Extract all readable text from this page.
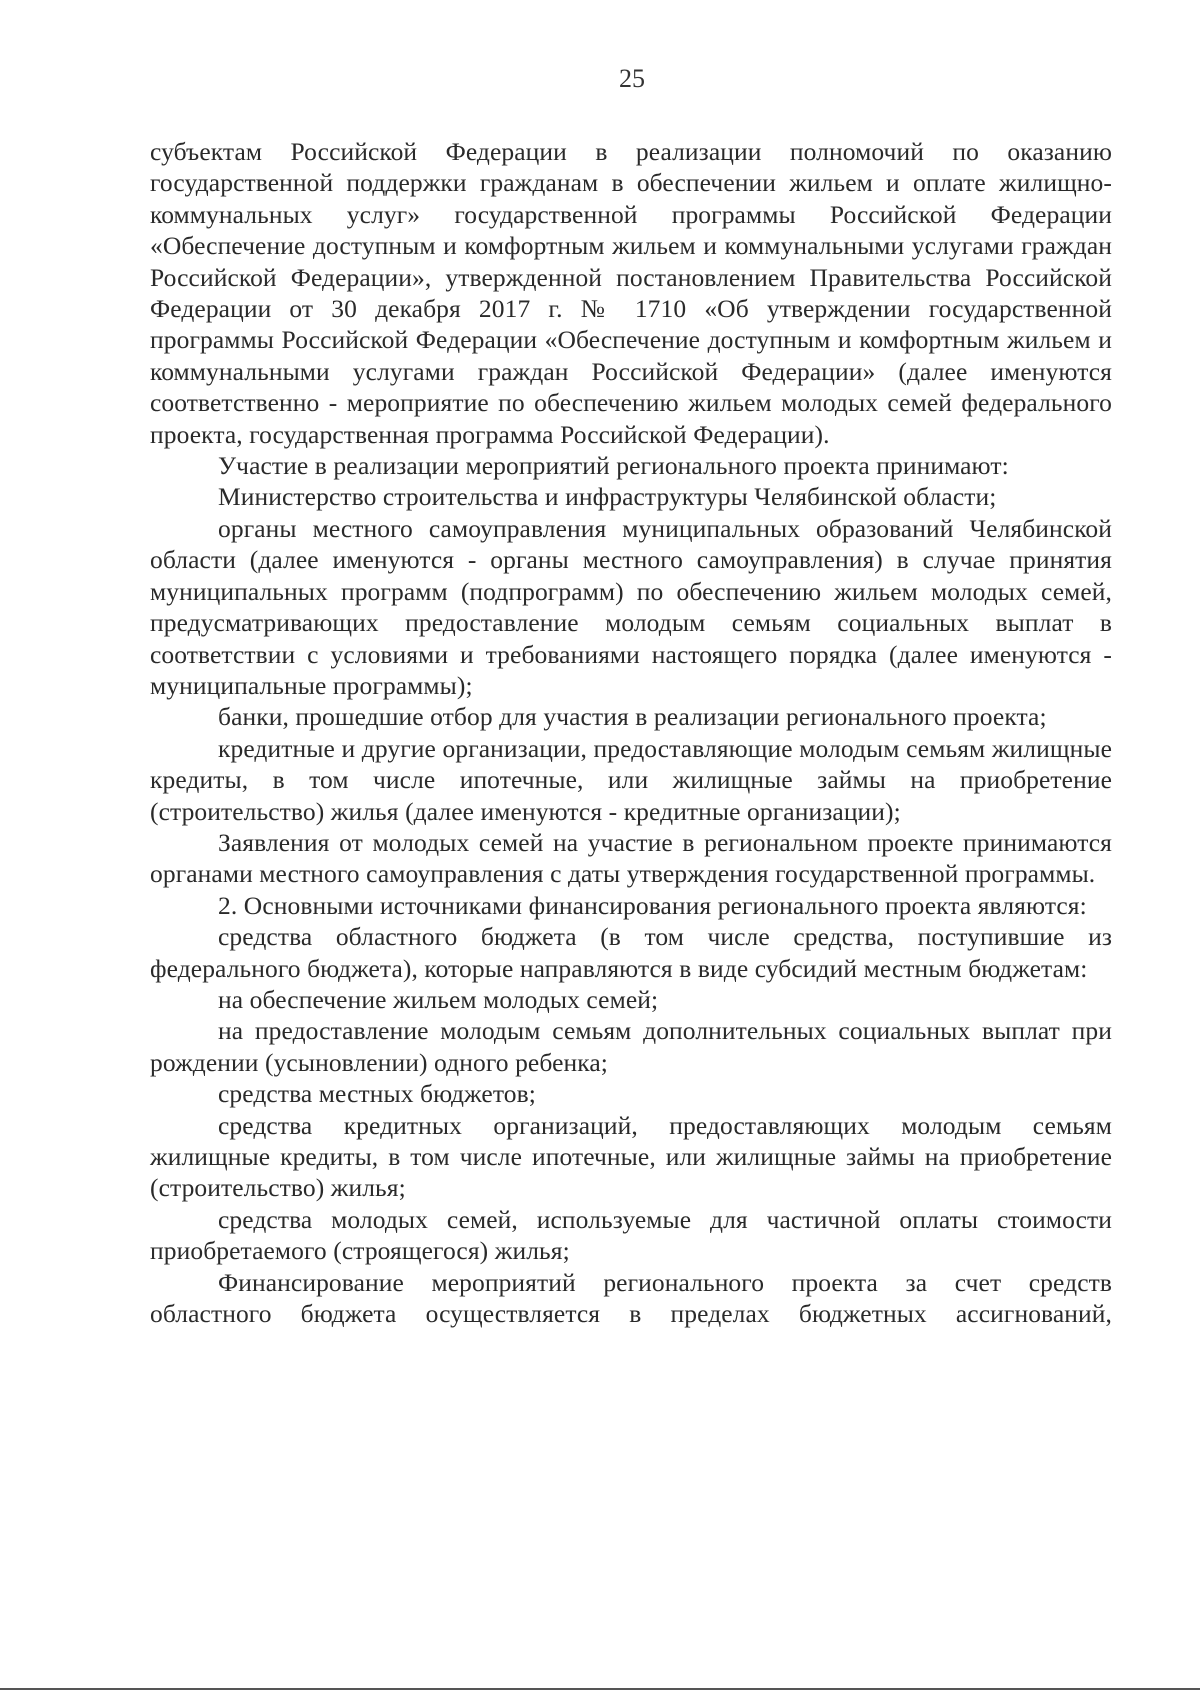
25

субъектам Российской Федерации в реализации полномочий по оказанию государственной поддержки гражданам в обеспечении жильем и оплате жилищно-коммунальных услуг» государственной программы Российской Федерации «Обеспечение доступным и комфортным жильем и коммунальными услугами граждан Российской Федерации», утвержденной постановлением Правительства Российской Федерации от 30 декабря 2017 г. № 1710 «Об утверждении государственной программы Российской Федерации «Обеспечение доступным и комфортным жильем и коммунальными услугами граждан Российской Федерации» (далее именуются соответственно - мероприятие по обеспечению жильем молодых семей федерального проекта, государственная программа Российской Федерации).

Участие в реализации мероприятий регионального проекта принимают:

Министерство строительства и инфраструктуры Челябинской области;

органы местного самоуправления муниципальных образований Челябинской области (далее именуются - органы местного самоуправления) в случае принятия муниципальных программ (подпрограмм) по обеспечению жильем молодых семей, предусматривающих предоставление молодым семьям социальных выплат в соответствии с условиями и требованиями настоящего порядка (далее именуются - муниципальные программы);

банки, прошедшие отбор для участия в реализации регионального проекта;

кредитные и другие организации, предоставляющие молодым семьям жилищные кредиты, в том числе ипотечные, или жилищные займы на приобретение (строительство) жилья (далее именуются - кредитные организации);

Заявления от молодых семей на участие в региональном проекте принимаются органами местного самоуправления с даты утверждения государственной программы.

2. Основными источниками финансирования регионального проекта являются:

средства областного бюджета (в том числе средства, поступившие из федерального бюджета), которые направляются в виде субсидий местным бюджетам:

на обеспечение жильем молодых семей;

на предоставление молодым семьям дополнительных социальных выплат при рождении (усыновлении) одного ребенка;

средства местных бюджетов;

средства кредитных организаций, предоставляющих молодым семьям жилищные кредиты, в том числе ипотечные, или жилищные займы на приобретение (строительство) жилья;

средства молодых семей, используемые для частичной оплаты стоимости приобретаемого (строящегося) жилья;

Финансирование мероприятий регионального проекта за счет средств областного бюджета осуществляется в пределах бюджетных ассигнований,
